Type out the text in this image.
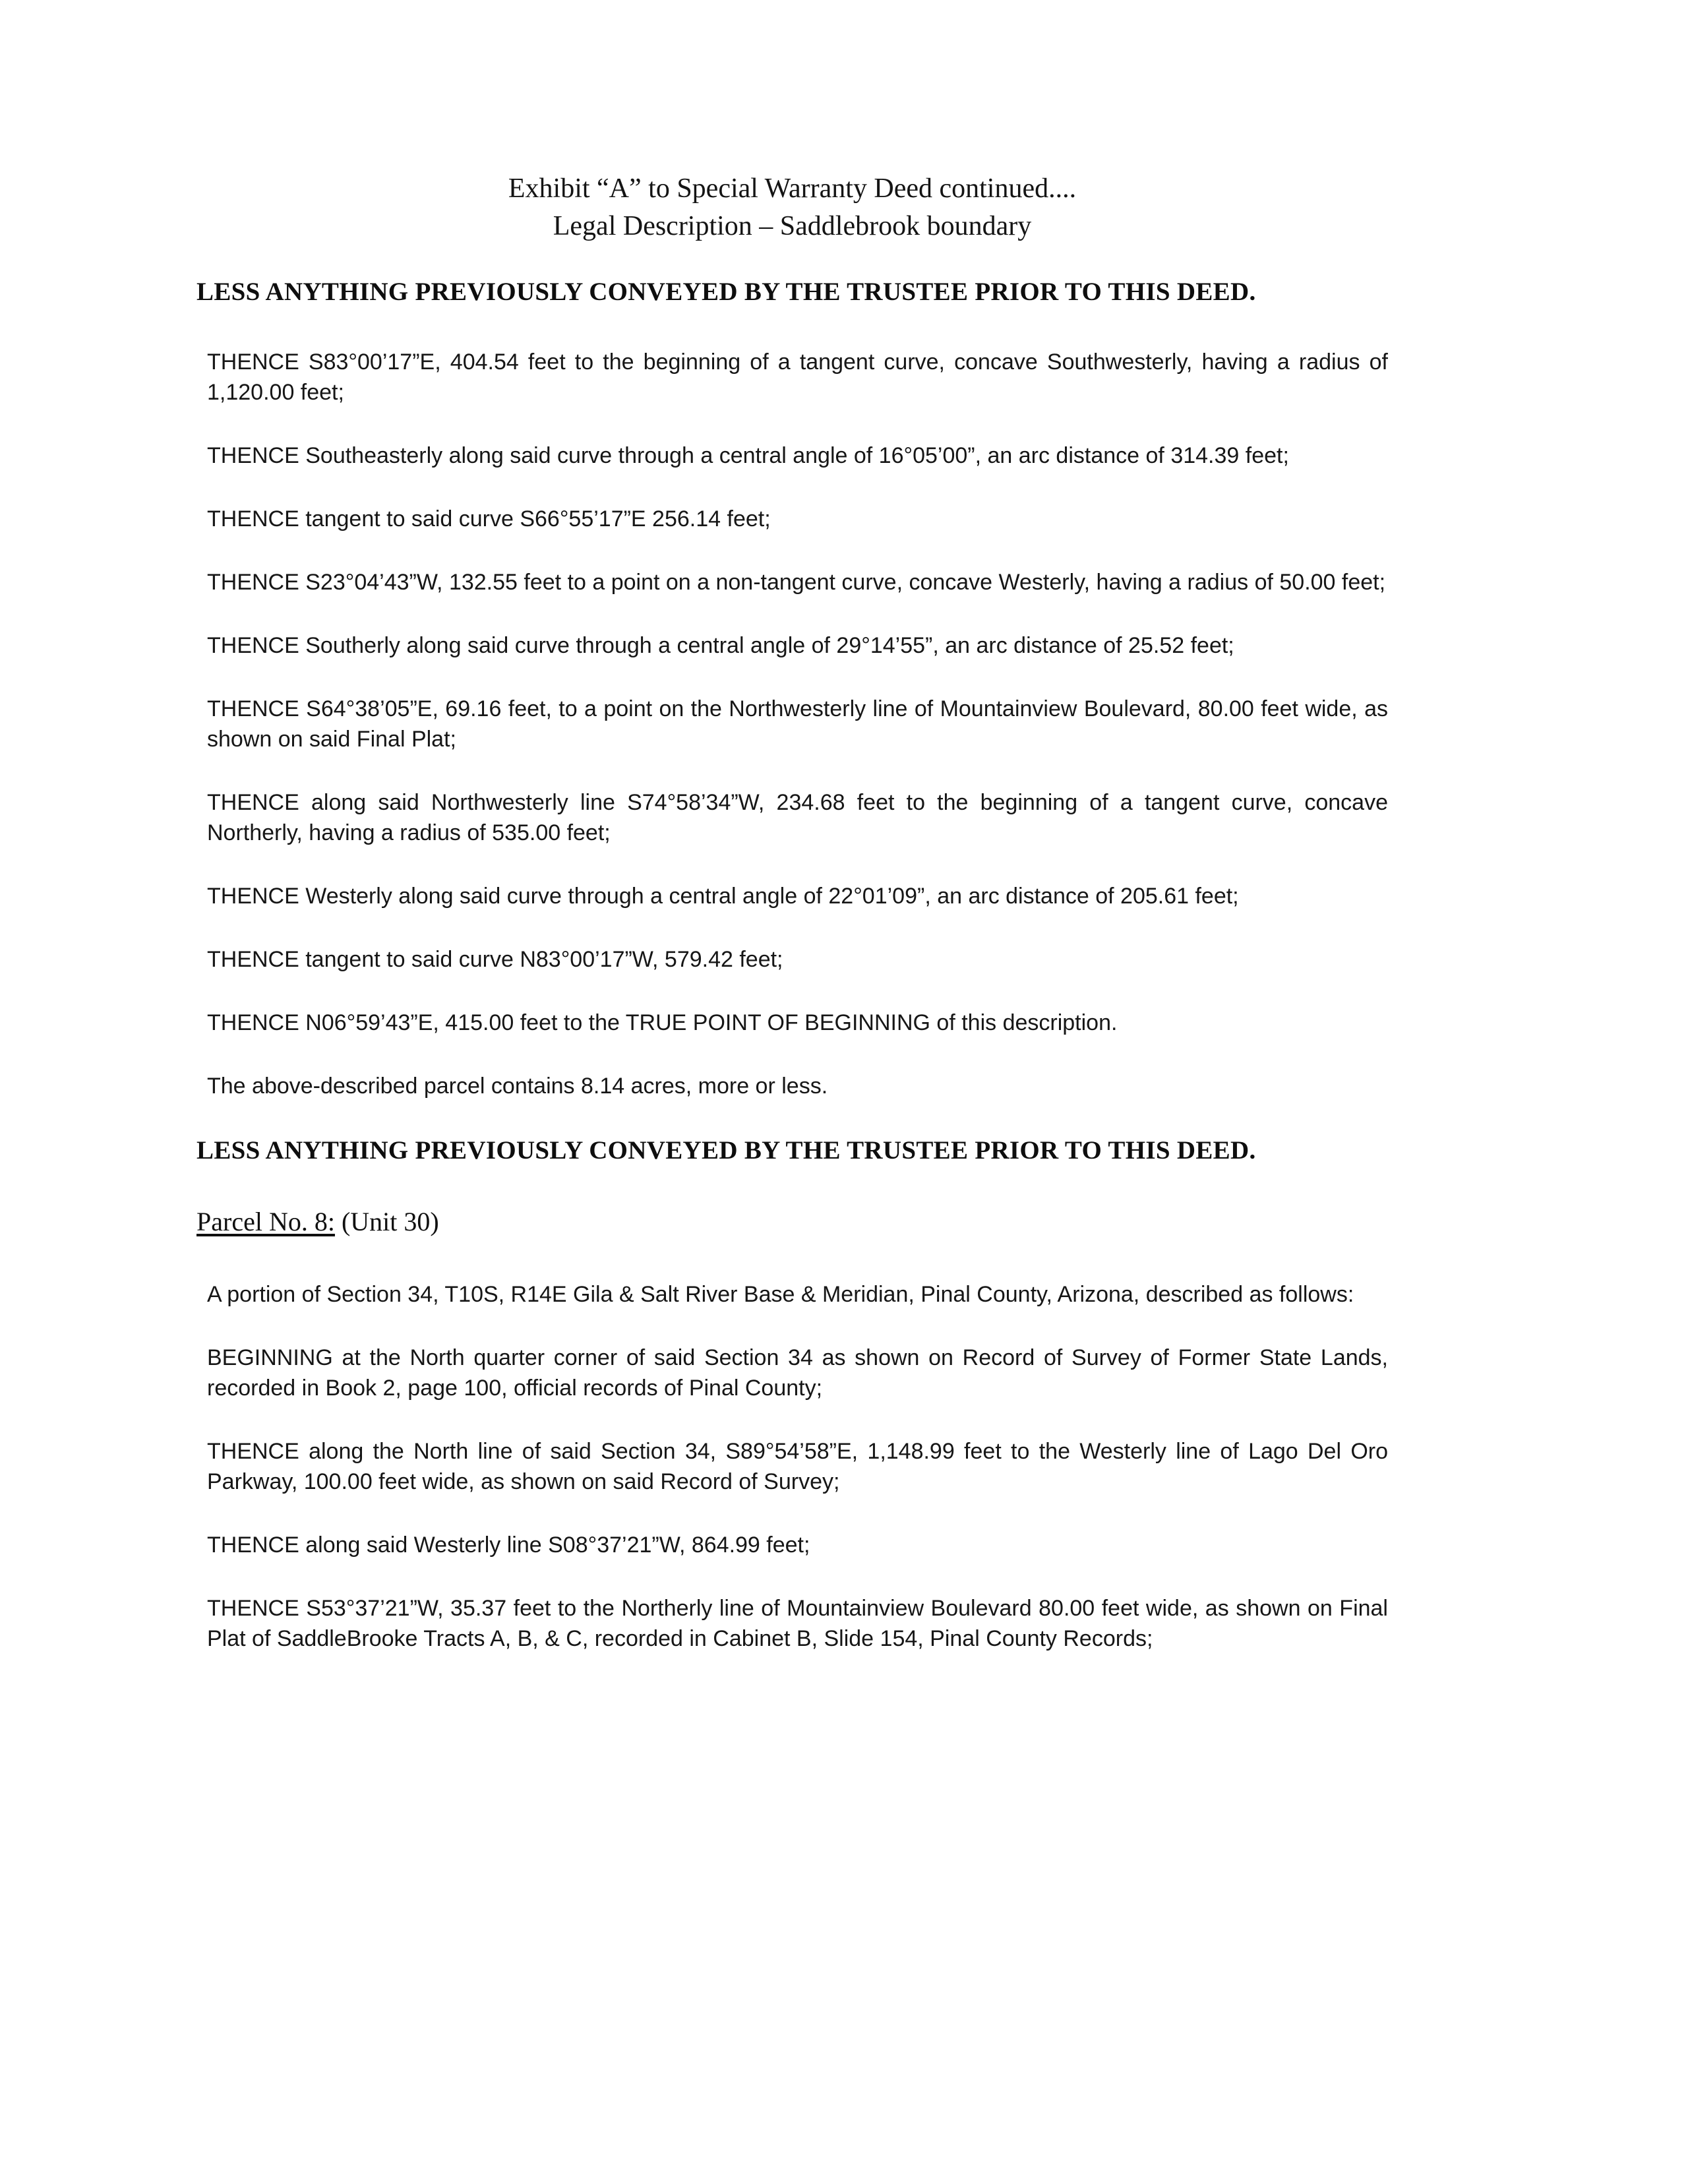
Exhibit “A” to Special Warranty Deed continued....
Legal Description – Saddlebrook boundary
LESS ANYTHING PREVIOUSLY CONVEYED BY THE TRUSTEE PRIOR TO THIS DEED.

THENCE S83°00’17”E, 404.54 feet to the beginning of a tangent curve, concave Southwesterly, having a radius of 1,120.00 feet;

THENCE Southeasterly along said curve through a central angle of 16°05’00”, an arc distance of 314.39 feet;

THENCE tangent to said curve S66°55’17”E 256.14 feet;

THENCE S23°04’43”W, 132.55 feet to a point on a non-tangent curve, concave Westerly, having a radius of 50.00 feet;

THENCE Southerly along said curve through a central angle of 29°14’55”, an arc distance of 25.52 feet;

THENCE S64°38’05”E, 69.16 feet, to a point on the Northwesterly line of Mountainview Boulevard, 80.00 feet wide, as shown on said Final Plat;

THENCE along said Northwesterly line S74°58’34”W, 234.68 feet to the beginning of a tangent curve, concave Northerly, having a radius of 535.00 feet;

THENCE Westerly along said curve through a central angle of 22°01’09”, an arc distance of 205.61 feet;

THENCE tangent to said curve N83°00’17”W, 579.42 feet;

THENCE N06°59’43”E, 415.00 feet to the TRUE POINT OF BEGINNING of this description.

The above-described parcel contains 8.14 acres, more or less.

LESS ANYTHING PREVIOUSLY CONVEYED BY THE TRUSTEE PRIOR TO THIS DEED.

Parcel No. 8: (Unit 30)

A portion of Section 34, T10S, R14E Gila & Salt River Base & Meridian, Pinal County, Arizona, described as follows:

BEGINNING at the North quarter corner of said Section 34 as shown on Record of Survey of Former State Lands, recorded in Book 2, page 100, official records of Pinal County;

THENCE along the North line of said Section 34, S89°54’58”E, 1,148.99 feet to the Westerly line of Lago Del Oro Parkway, 100.00 feet wide, as shown on said Record of Survey;

THENCE along said Westerly line S08°37’21”W, 864.99 feet;

THENCE S53°37’21”W, 35.37 feet to the Northerly line of Mountainview Boulevard 80.00 feet wide, as shown on Final Plat of SaddleBrooke Tracts A, B, & C, recorded in Cabinet B, Slide 154, Pinal County Records;
